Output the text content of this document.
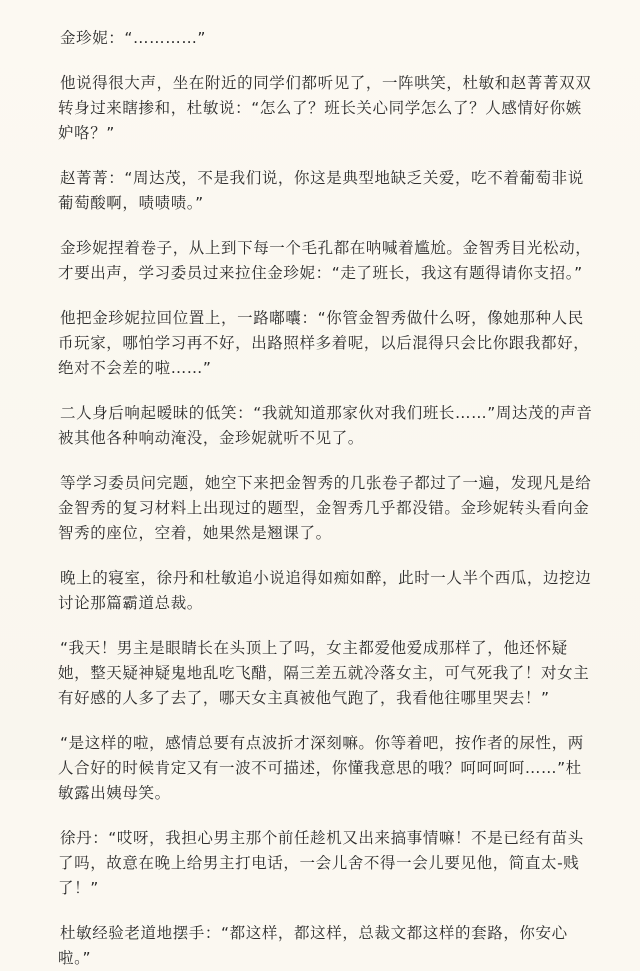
金珍妮：“…………”

他说得很大声，坐在附近的同学们都听见了，一阵哄笑，杜敏和赵菁菁双双转身过来瞎掺和，杜敏说：“怎么了？班长关心同学怎么了？人感情好你嫉妒咯？”

赵菁菁：“周达茂，不是我们说，你这是典型地缺乏关爱，吃不着葡萄非说葡萄酸啊，啧啧啧。”

金珍妮捏着卷子，从上到下每一个毛孔都在呐喊着尴尬。金智秀目光松动，才要出声，学习委员过来拉住金珍妮：“走了班长，我这有题得请你支招。”

他把金珍妮拉回位置上，一路嘟囔：“你管金智秀做什么呀，像她那种人民币玩家，哪怕学习再不好，出路照样多着呢，以后混得只会比你跟我都好，绝对不会差的啦……”

二人身后响起暧昧的低笑：“我就知道那家伙对我们班长……”周达茂的声音被其他各种响动淹没，金珍妮就听不见了。

等学习委员问完题，她空下来把金智秀的几张卷子都过了一遍，发现凡是给金智秀的复习材料上出现过的题型，金智秀几乎都没错。金珍妮转头看向金智秀的座位，空着，她果然是翘课了。

晚上的寝室，徐丹和杜敏追小说追得如痴如醉，此时一人半个西瓜，边挖边讨论那篇霸道总裁。

“我天！男主是眼睛长在头顶上了吗，女主都爱他爱成那样了，他还怀疑她，整天疑神疑鬼地乱吃飞醋，隔三差五就冷落女主，可气死我了！对女主有好感的人多了去了，哪天女主真被他气跑了，我看他往哪里哭去！”

“是这样的啦，感情总要有点波折才深刻嘛。你等着吧，按作者的尿性，两人合好的时候肯定又有一波不可描述，你懂我意思的哦？呵呵呵呵……”杜敏露出姨母笑。

徐丹：“哎呀，我担心男主那个前任趁机又出来搞事情嘛！不是已经有苗头了吗，故意在晚上给男主打电话，一会儿舍不得一会儿要见他，简直太-贱了！”

杜敏经验老道地摆手：“都这样，都这样，总裁文都这样的套路，你安心啦。”
